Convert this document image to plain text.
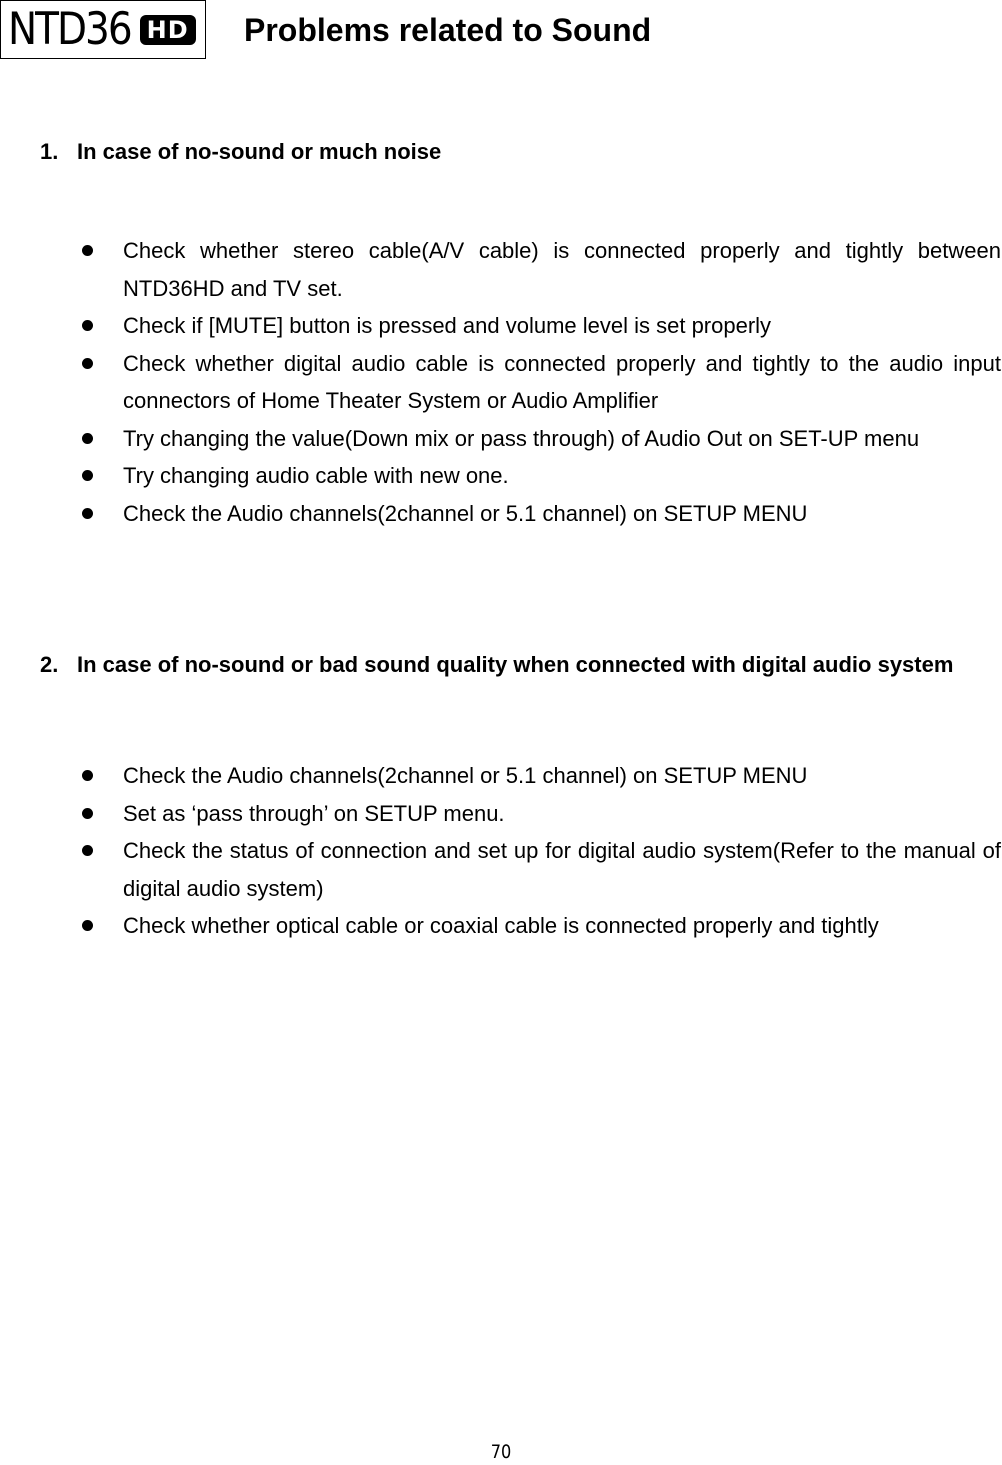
NTD36 HD Problems related to Sound
1. In case of no-sound or much noise
Check whether stereo cable(A/V cable) is connected properly and tightly between NTD36HD and TV set.
Check if [MUTE] button is pressed and volume level is set properly
Check whether digital audio cable is connected properly and tightly to the audio input connectors of Home Theater System or Audio Amplifier
Try changing the value(Down mix or pass through) of Audio Out on SET-UP menu
Try changing audio cable with new one.
Check the Audio channels(2channel or 5.1 channel) on SETUP MENU
2. In case of no-sound or bad sound quality when connected with digital audio system
Check the Audio channels(2channel or 5.1 channel) on SETUP MENU
Set as ‘pass through’ on SETUP menu.
Check the status of connection and set up for digital audio system(Refer to the manual of digital audio system)
Check whether optical cable or coaxial cable is connected properly and tightly
70
